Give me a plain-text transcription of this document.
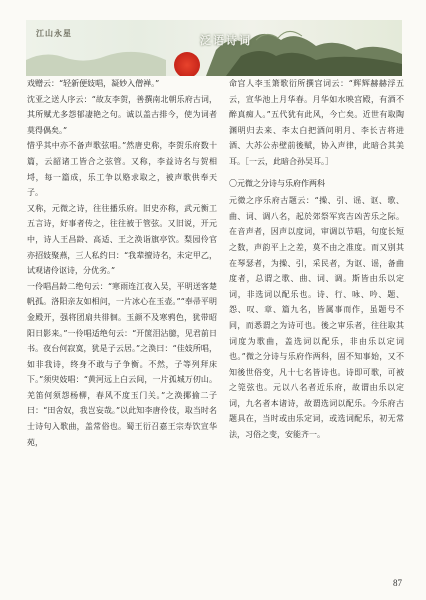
江山永星
泛语诗词

戏赠云：“轻新便妓唱，凝妙入僧禅。”

沈亚之送人序云：“故友李贺，善撰南北朝乐府古词，其所赋尤多怨郁凄艳之句。诚以盖古排今，使为词者莫得偶矣。”

惜乎其中亦不备声歌弦唱。”然唐史称，李贺乐府数十篇，云韶诸工皆合之弦管。又称，李益诗名与贺相埒，每一篇成，乐工争以赂求取之，被声歌供奉天子。

又称，元微之诗，往往播乐府。旧史亦称，武元衡工五言诗，好事者传之，往往被于管弦。又旧说，开元中，诗人王昌龄、高适、王之涣诣旗亭饮。梨园伶官亦招妓聚燕，三人私约曰：“我辈擅诗名，未定甲乙，试观诸伶讴诗，分优劣。”

一伶唱昌龄二绝句云：“寒雨连江夜入吴，平明送客楚帆孤。洛阳亲友如相问，一片冰心在玉壶。”“奉帚平明金殿开，强将团扇共徘徊。玉颜不及寒鸦色，犹带昭阳日影来。”一伶唱适绝句云：“开箧泪沾臆，见君前日书。夜台何寂寞，犹是子云居。”之涣曰：“佳妓所唱，如非我诗，终身不敢与子争衡。不然，子等列拜床下。”须臾妓唱：“黄河远上白云间，一片孤城万仞山。羌笛何须怨杨柳，春风不度玉门关。”之涣揶揄二子曰：“田舍奴，我岂妄哉。”以此知李唐伶伎，取当时名士诗句入歌曲，盖常俗也。蜀王衍召嘉王宗寿饮宣华苑，

命宫人李玉箫歌衍所撰宫词云：“辉辉赫赫浮五云，宣华池上月华春。月华如水映宫殿，有酒不醉真痴人。”五代犹有此风，今亡矣。近世有取陶渊明归去来、李太白把酒问明月、李长吉将进酒、大苏公赤壁前後赋，协入声律，此暗合其美耳。［一云，此暗合孙吴耳。］

〇元微之分诗与乐府作两科

元微之序乐府古题云：“操、引、谣、讴、歌、曲、词、调八名，起於郊祭军宾吉凶苦乐之际。在音声者，因声以度词，审调以节唱，句度长短之数，声韵平上之差，莫不由之准度。而又别其在琴瑟者，为操、引，采民者，为讴、谣，备曲度者，总谓之歌、曲、词、调。斯皆由乐以定词，非选词以配乐也。诗、行、咏、吟、题、怨、叹、章、篇九名，皆属事而作，虽题号不同，而悉谓之为诗可也。後之审乐者，往往取其词度为歌曲，盖选词以配乐，非由乐以定词也。”微之分诗与乐府作两科，固不知事始，又不知後世俗变，凡十七名皆诗也。诗即可歌，可被之筦弦也。元以八名者近乐府，故谓由乐以定词，九名者本诸诗，故谓选词以配乐。今乐府古题具在，当时或由乐定词，或选词配乐，初无常法，习俗之变，安能齐一。

87
